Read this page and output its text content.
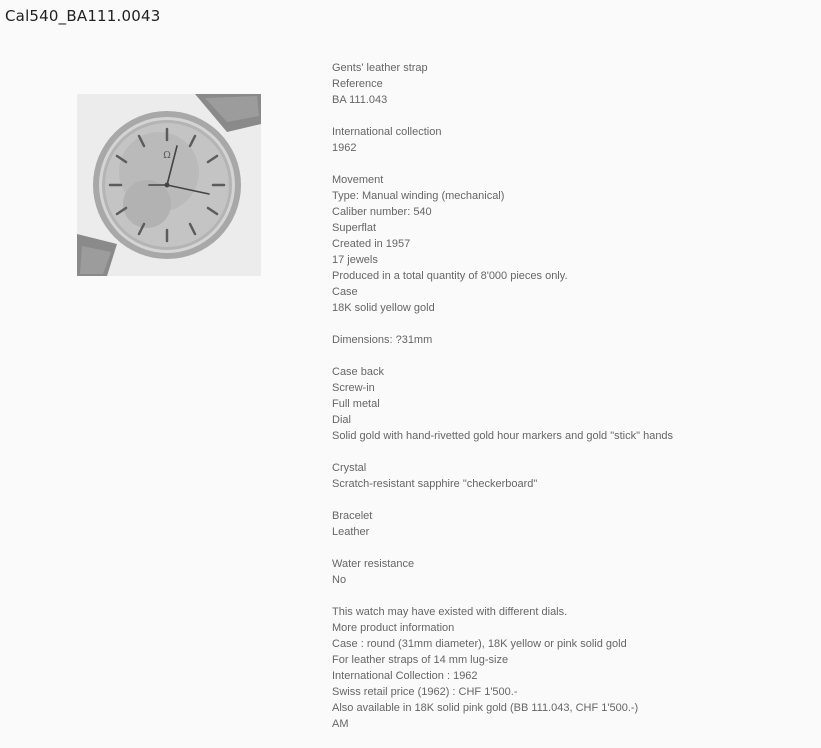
Cal540_BA111.0043
Ω
Gents' leather strap
Reference
BA 111.043
International collection
1962
Movement
Type: Manual winding (mechanical)
Caliber number: 540
Superflat
Created in 1957
17 jewels
Produced in a total quantity of 8'000 pieces only.
Case
18K solid yellow gold
Dimensions: ?31mm
Case back
Screw-in
Full metal
Dial
Solid gold with hand-rivetted gold hour markers and gold "stick" hands
Crystal
Scratch-resistant sapphire "checkerboard"
Bracelet
Leather
Water resistance
No
This watch may have existed with different dials.
More product information
Case : round (31mm diameter), 18K yellow or pink solid gold
For leather straps of 14 mm lug-size
International Collection : 1962
Swiss retail price (1962) : CHF 1'500.-
Also available in 18K solid pink gold (BB 111.043, CHF 1'500.-)
AM
